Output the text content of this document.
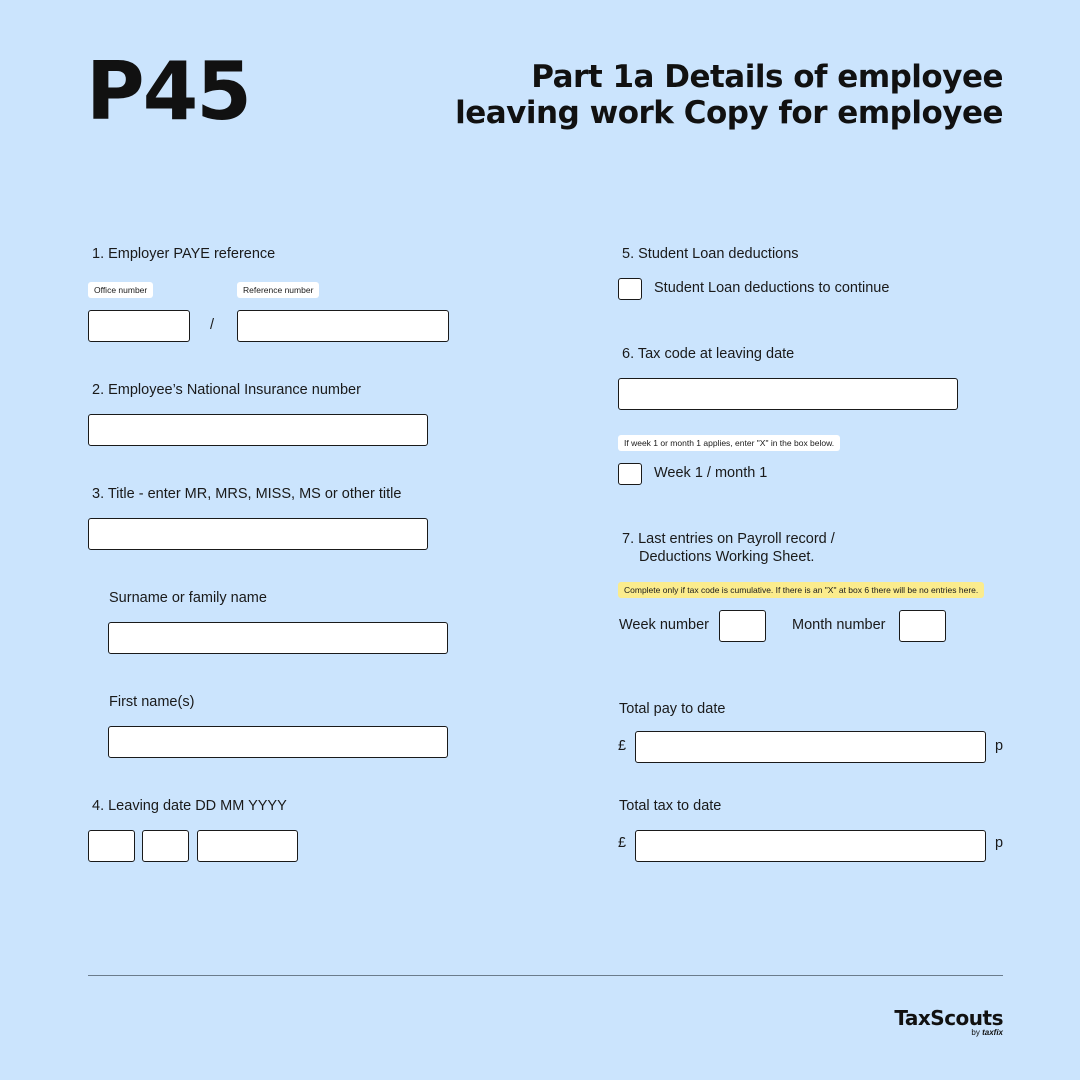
P45	Part 1a Details of employee leaving work Copy for employee
1. Employer PAYE reference
Office number	Reference number
/
2. Employee’s National Insurance number
3. Title - enter MR, MRS, MISS, MS or other title
Surname or family name
First name(s)
4. Leaving date DD MM YYYY
5. Student Loan deductions
Student Loan deductions to continue
6. Tax code at leaving date
If week 1 or month 1 applies, enter "X" in the box below.
Week 1 / month 1
7. Last entries on Payroll record /
Deductions Working Sheet.
Complete only if tax code is cumulative. If there is an "X" at box 6 there will be no entries here.
Week number	Month number
Total pay to date
£	p
Total tax to date
£	p
TaxScouts
by taxfix
